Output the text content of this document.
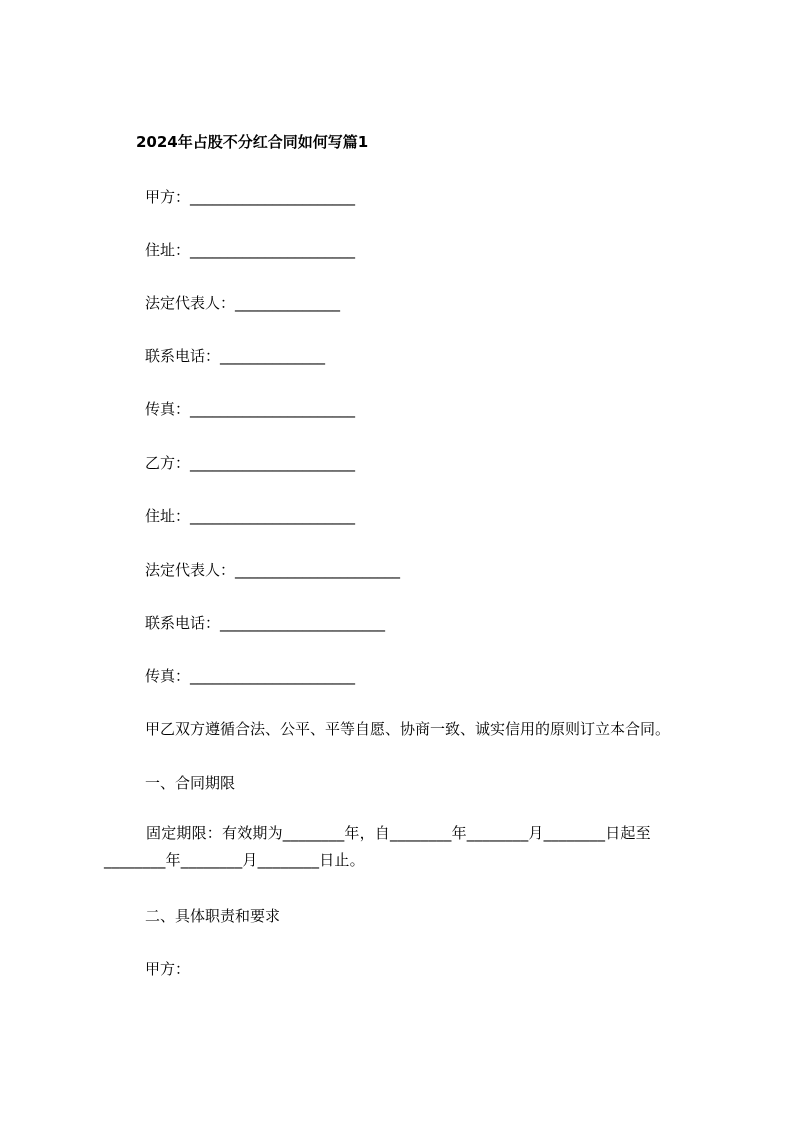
2024年占股不分红合同如何写篇1

甲方：______________________

住址：______________________

法定代表人：______________

联系电话：______________

传真：______________________

乙方：______________________

住址：______________________

法定代表人：______________________

联系电话：______________________

传真：______________________

甲乙双方遵循合法、公平、平等自愿、协商一致、诚实信用的原则订立本合同。

一、合同期限

固定期限：有效期为________年，自________年________月________日起至________年________月________日止。

二、具体职责和要求

甲方：
